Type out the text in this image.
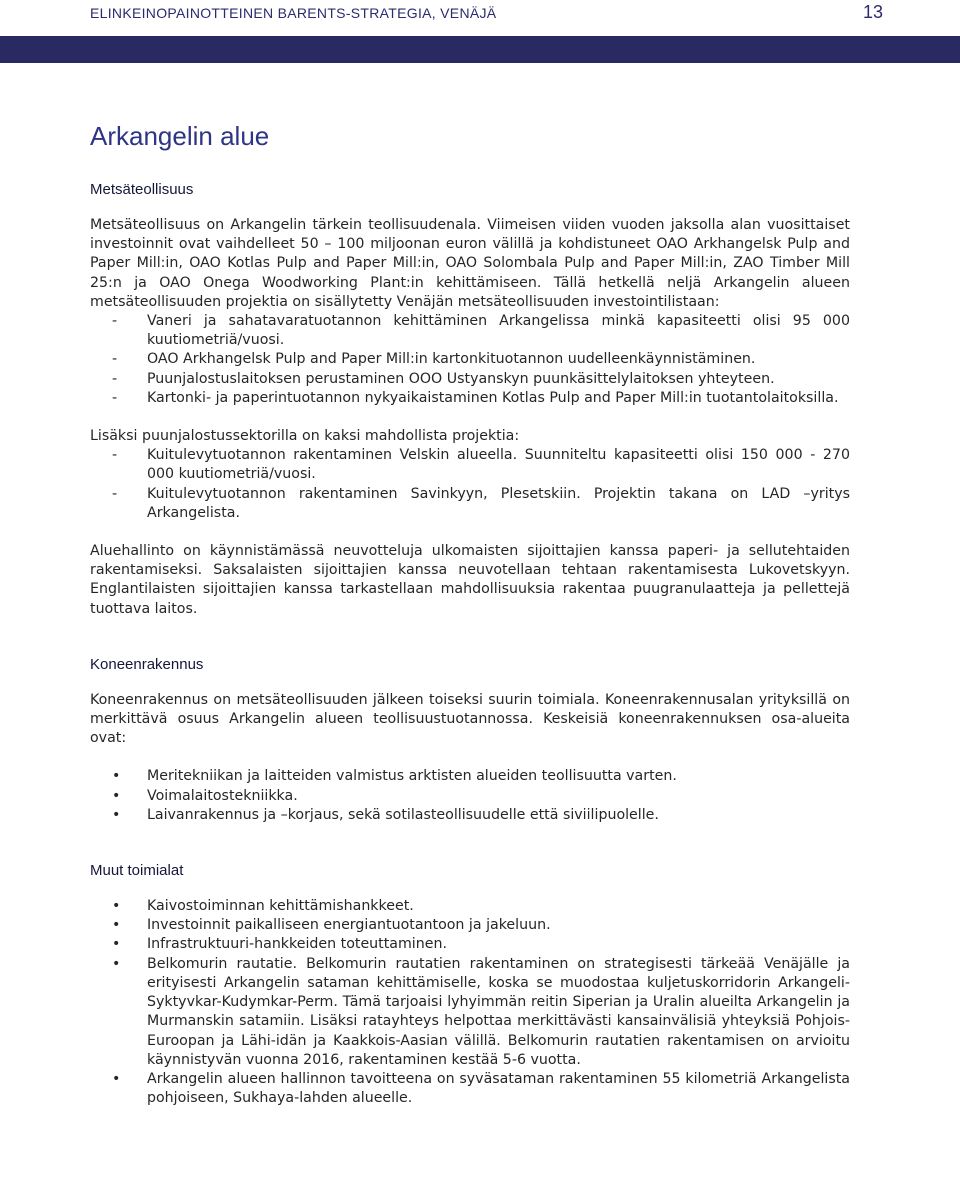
ELINKEINOPAINOTTEINEN BARENTS-STRATEGIA, VENÄJÄ	13
Arkangelin alue
Metsäteollisuus

Metsäteollisuus on Arkangelin tärkein teollisuudenala. Viimeisen viiden vuoden jaksolla alan vuosittaiset investoinnit ovat vaihdelleet 50 – 100 miljoonan euron välillä ja kohdistuneet OAO Arkhangelsk Pulp and Paper Mill:in, OAO Kotlas Pulp and Paper Mill:in, OAO Solombala Pulp and Paper Mill:in, ZAO Timber Mill 25:n ja OAO Onega Woodworking Plant:in kehittämiseen. Tällä hetkellä neljä Arkangelin alueen metsäteollisuuden projektia on sisällytetty Venäjän metsäteollisuuden investointilistaan:

- Vaneri ja sahatavaratuotannon kehittäminen Arkangelissa minkä kapasiteetti olisi 95 000 kuutiometriä/vuosi.
- OAO Arkhangelsk Pulp and Paper Mill:in kartonkituotannon uudelleenkäynnistäminen.
- Puunjalostuslaitoksen perustaminen OOO Ustyanskyn puunkäsittelylaitoksen yhteyteen.
- Kartonki- ja paperintuotannon nykyaikaistaminen Kotlas Pulp and Paper Mill:in tuotantolaitoksilla.

Lisäksi puunjalostussektorilla on kaksi mahdollista projektia:

- Kuitulevytuotannon rakentaminen Velskin alueella. Suunniteltu kapasiteetti olisi 150 000 - 270 000 kuutiometriä/vuosi.
- Kuitulevytuotannon rakentaminen Savinkyyn, Plesetskiin. Projektin takana on LAD –yritys Arkangelista.

Aluehallinto on käynnistämässä neuvotteluja ulkomaisten sijoittajien kanssa paperi- ja sellutehtaiden rakentamiseksi. Saksalaisten sijoittajien kanssa neuvotellaan tehtaan rakentamisesta Lukovetskyyn. Englantilaisten sijoittajien kanssa tarkastellaan mahdollisuuksia rakentaa puugranulaatteja ja pellettejä tuottava laitos.

Koneenrakennus

Koneenrakennus on metsäteollisuuden jälkeen toiseksi suurin toimiala. Koneenrakennusalan yrityksillä on merkittävä osuus Arkangelin alueen teollisuustuotannossa. Keskeisiä koneenrakennuksen osa-alueita ovat:

• Meritekniikan ja laitteiden valmistus arktisten alueiden teollisuutta varten.
• Voimalaitostekniikka.
• Laivanrakennus ja –korjaus, sekä sotilasteollisuudelle että siviilipuolelle.
Muut toimialat
• Kaivostoiminnan kehittämishankkeet.
• Investoinnit paikalliseen energiantuotantoon ja jakeluun.
• Infrastruktuuri-hankkeiden toteuttaminen.
• Belkomurin rautatie. Belkomurin rautatien rakentaminen on strategisesti tärkeää Venäjälle ja erityisesti Arkangelin sataman kehittämiselle, koska se muodostaa kuljetuskorridorin Arkangeli-Syktyvkar-Kudymkar-Perm. Tämä tarjoaisi lyhyimmän reitin Siperian ja Uralin alueilta Arkangelin ja Murmanskin satamiin. Lisäksi ratayhteys helpottaa merkittävästi kansainvälisiä yhteyksiä Pohjois-Euroopan ja Lähi-idän ja Kaakkois-Aasian välillä. Belkomurin rautatien rakentamisen on arvioitu käynnistyvän vuonna 2016, rakentaminen kestää 5-6 vuotta.
• Arkangelin alueen hallinnon tavoitteena on syväsataman rakentaminen 55 kilometriä Arkangelista pohjoiseen, Sukhaya-lahden alueelle.
